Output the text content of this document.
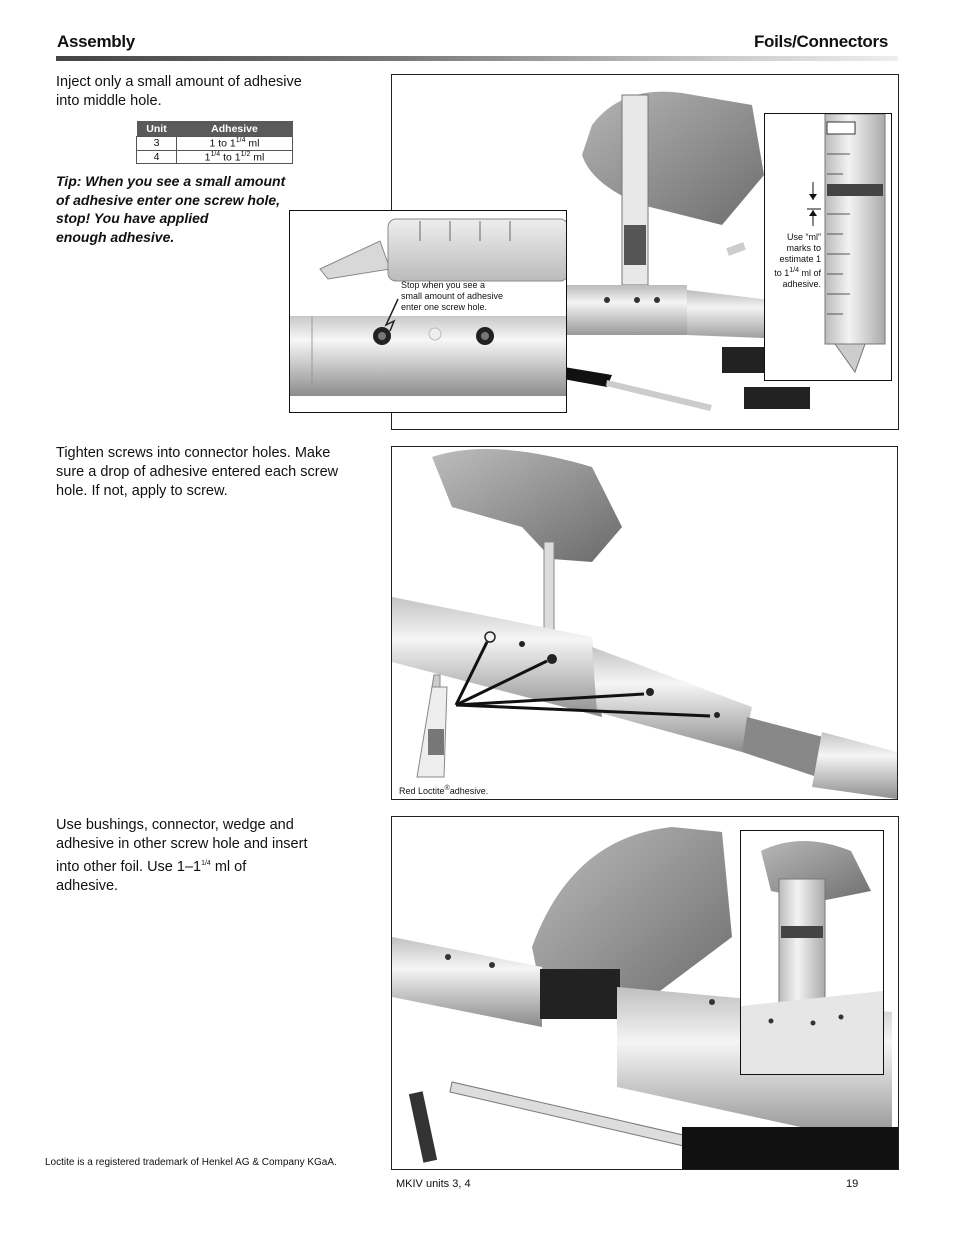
Assembly	Foils/Connectors
Inject only a small amount of adhesive
into middle hole.
Unit	Adhesive
3	1 to $1^{1/4}$ ml
4	$1^{1/4}$ to $1^{1/2}$ ml
Tip: When you see a small amount
of adhesive enter one screw hole,
stop! You have applied
enough adhesive.
Stop when you see a
small amount of adhesive
enter one screw hole.
Use “ml”
marks to
estimate 1
to $1^{1/4}$ ml of
adhesive.
Tighten screws into connector holes. Make
sure a drop of adhesive entered each screw
hole. If not, apply to screw.
Red Loctite®adhesive.
Use bushings, connector, wedge and
adhesive in other screw hole and insert
into other foil. Use $1-1^{1/4}$ ml of
adhesive.
Loctite is a registered trademark of Henkel AG & Company KGaA.
MKIV units 3, 4	19
